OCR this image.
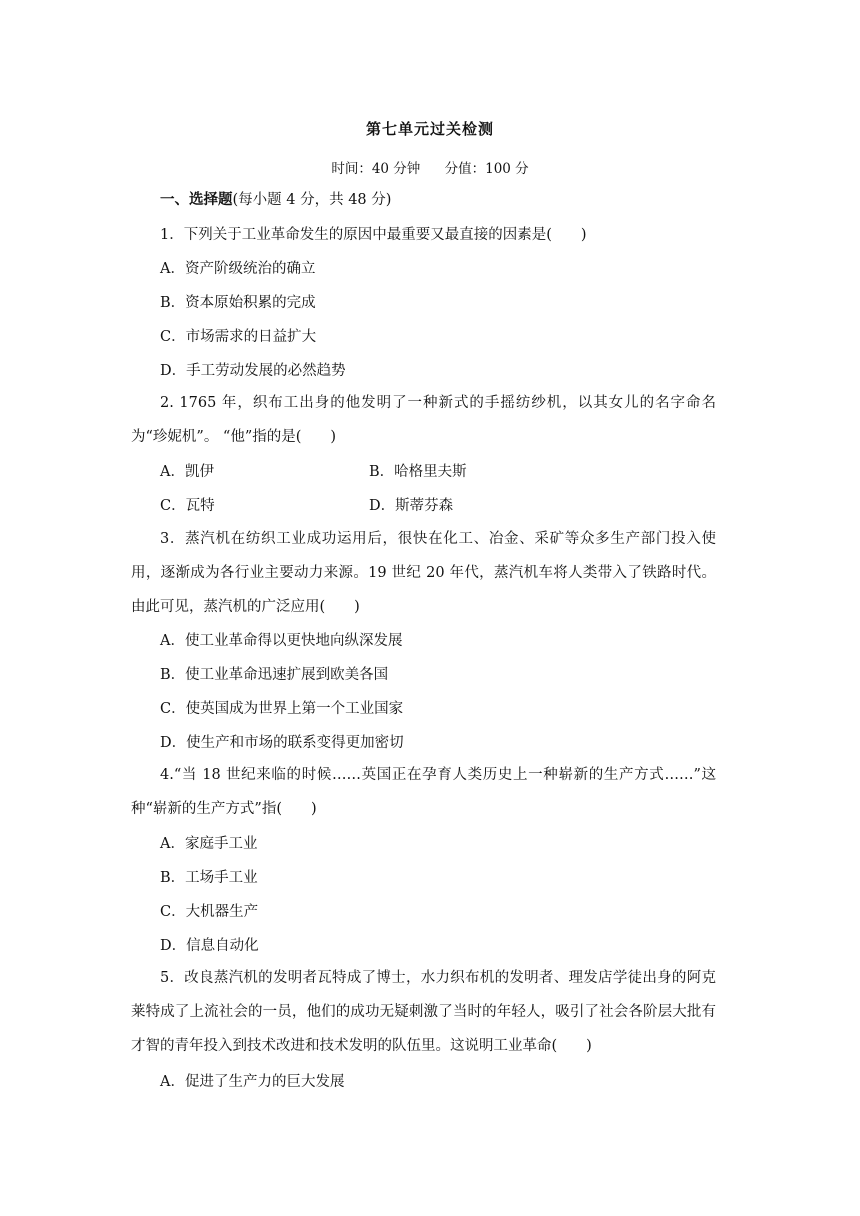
第七单元过关检测
时间：40 分钟 分值：100 分
一、选择题(每小题 4 分，共 48 分)
1．下列关于工业革命发生的原因中最重要又最直接的因素是(　　)
A．资产阶级统治的确立
B．资本原始积累的完成
C．市场需求的日益扩大
D．手工劳动发展的必然趋势
2. 1765 年，织布工出身的他发明了一种新式的手摇纺纱机，以其女儿的名字命名为“珍妮机”。 “他”指的是(　　)
A．凯伊	B．哈格里夫斯
C．瓦特	D．斯蒂芬森
3．蒸汽机在纺织工业成功运用后，很快在化工、冶金、采矿等众多生产部门投入使用，逐渐成为各行业主要动力来源。19 世纪 20 年代，蒸汽机车将人类带入了铁路时代。由此可见，蒸汽机的广泛应用(　　)
A．使工业革命得以更快地向纵深发展
B．使工业革命迅速扩展到欧美各国
C．使英国成为世界上第一个工业国家
D．使生产和市场的联系变得更加密切
4.“当 18 世纪来临的时候……英国正在孕育人类历史上一种崭新的生产方式……”这种“崭新的生产方式”指(　　)
A．家庭手工业
B．工场手工业
C．大机器生产
D．信息自动化
5．改良蒸汽机的发明者瓦特成了博士，水力织布机的发明者、理发店学徒出身的阿克莱特成了上流社会的一员，他们的成功无疑刺激了当时的年轻人，吸引了社会各阶层大批有才智的青年投入到技术改进和技术发明的队伍里。这说明工业革命(　　)
A．促进了生产力的巨大发展
